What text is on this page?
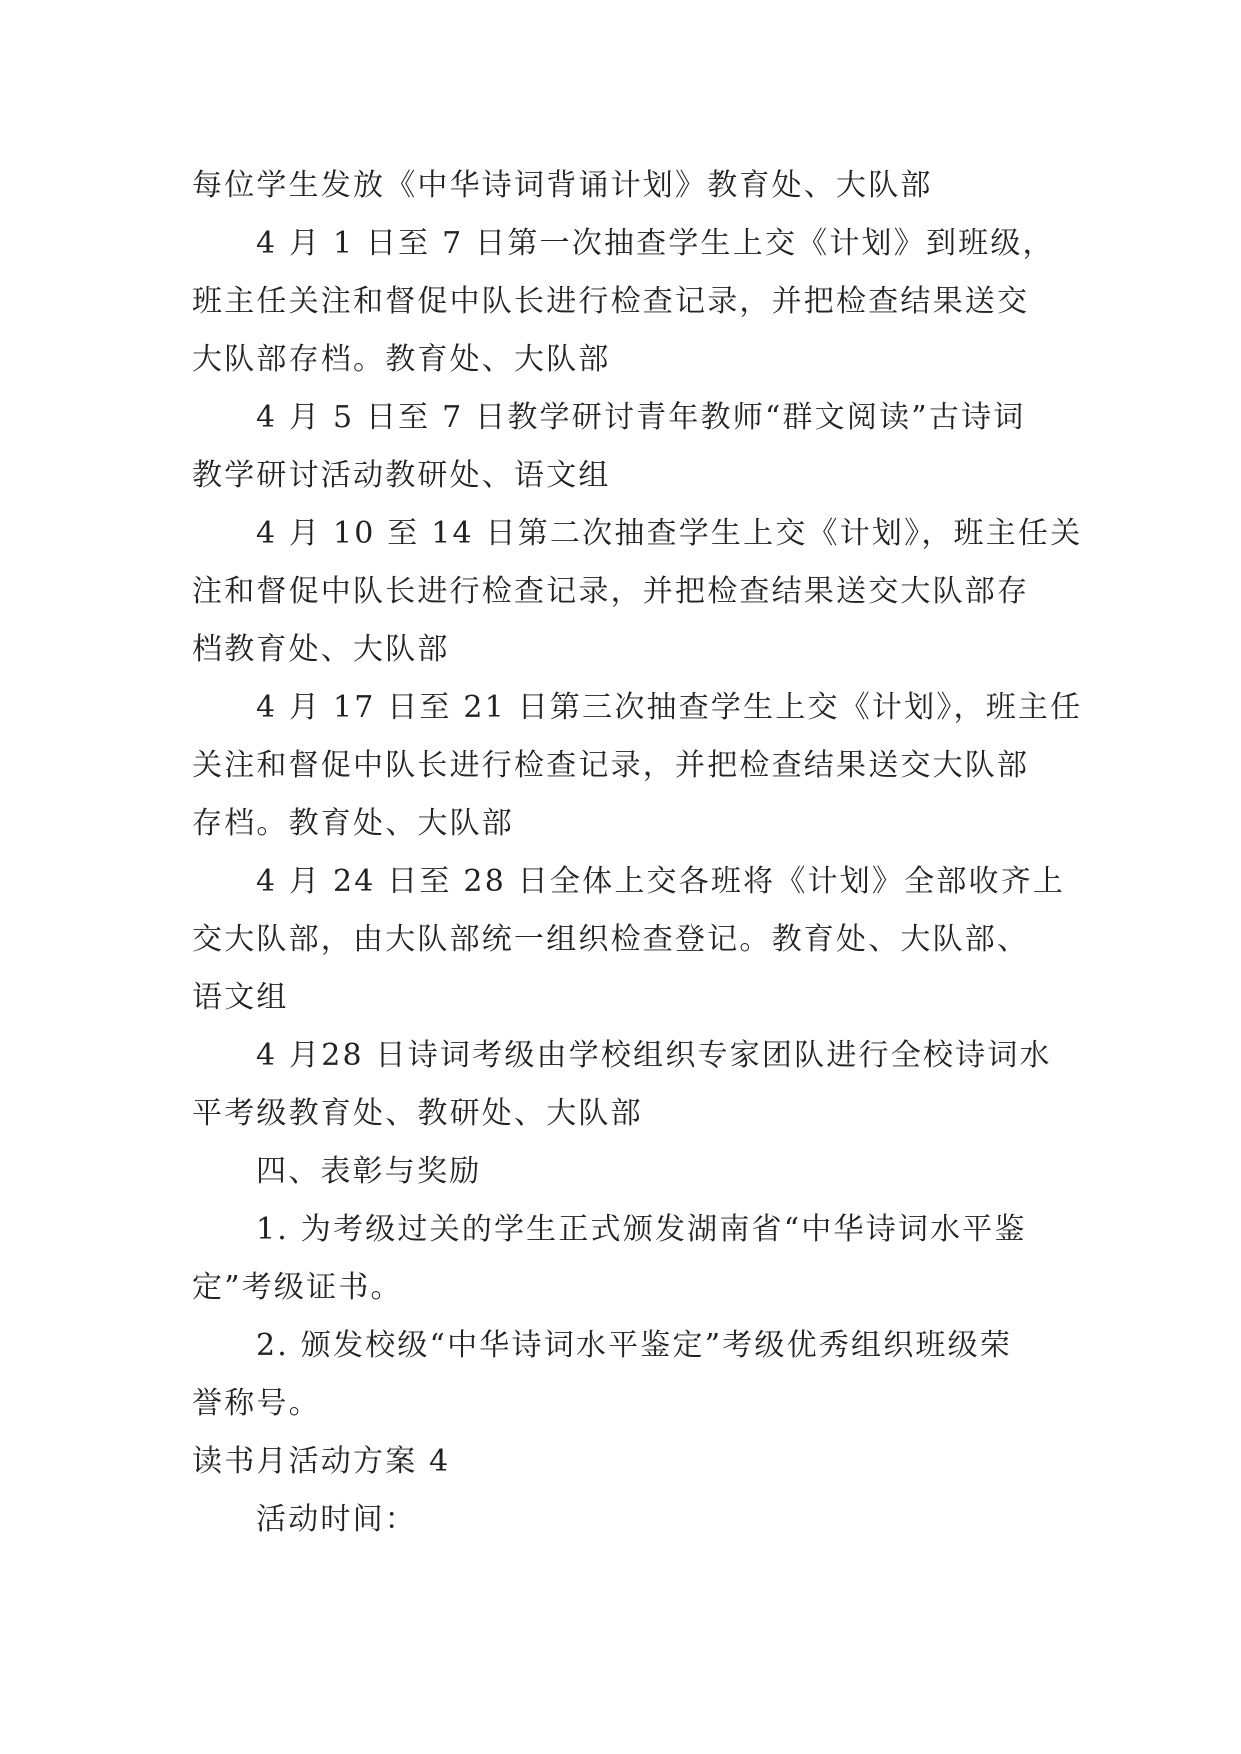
每位学生发放《中华诗词背诵计划》教育处、大队部
4 月 1 日至 7 日第一次抽查学生上交《计划》到班级，
班主任关注和督促中队长进行检查记录，并把检查结果送交
大队部存档。教育处、大队部
4 月 5 日至 7 日教学研讨青年教师“群文阅读”古诗词
教学研讨活动教研处、语文组
4 月 10 至 14 日第二次抽查学生上交《计划》，班主任关
注和督促中队长进行检查记录，并把检查结果送交大队部存
档教育处、大队部
4 月 17 日至 21 日第三次抽查学生上交《计划》，班主任
关注和督促中队长进行检查记录，并把检查结果送交大队部
存档。教育处、大队部
4 月 24 日至 28 日全体上交各班将《计划》全部收齐上
交大队部，由大队部统一组织检查登记。教育处、大队部、
语文组
4 月28 日诗词考级由学校组织专家团队进行全校诗词水
平考级教育处、教研处、大队部
四、表彰与奖励
1. 为考级过关的学生正式颁发湖南省“中华诗词水平鉴
定”考级证书。
2. 颁发校级“中华诗词水平鉴定”考级优秀组织班级荣
誉称号。
读书月活动方案 4
活动时间：
